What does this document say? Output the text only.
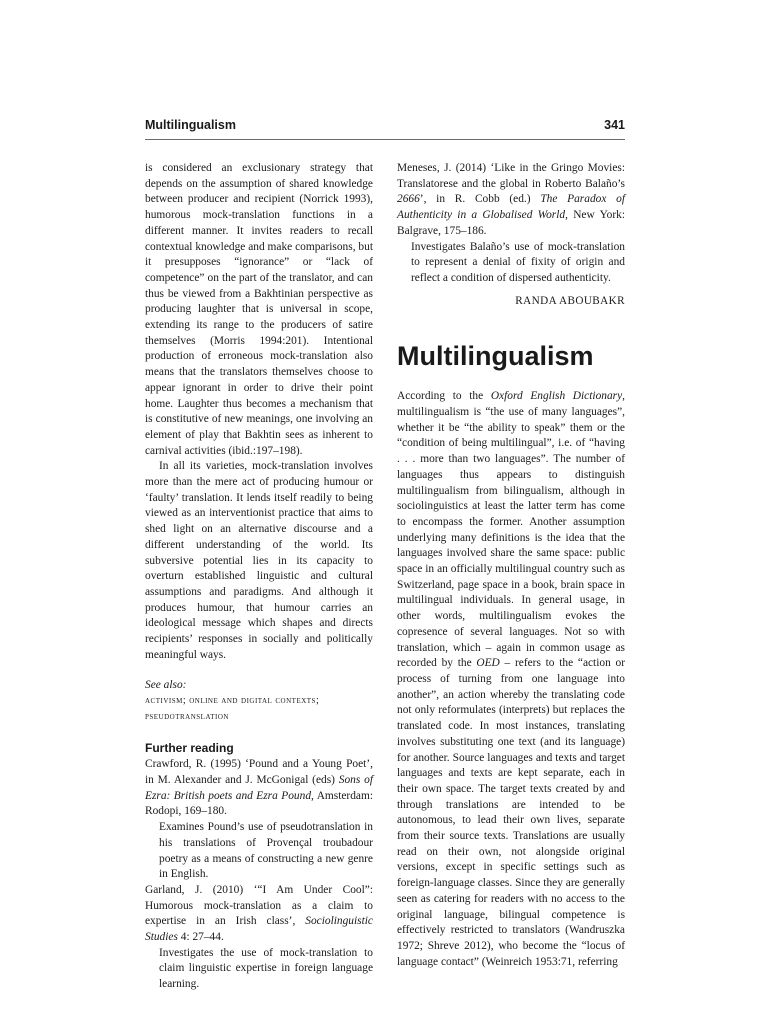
Multilingualism	341

is considered an exclusionary strategy that depends on the assumption of shared knowledge between producer and recipient (Norrick 1993), humorous mock-translation functions in a different manner. It invites readers to recall contextual knowledge and make comparisons, but it presupposes “ignorance” or “lack of competence” on the part of the translator, and can thus be viewed from a Bakhtinian perspective as producing laughter that is universal in scope, extending its range to the producers of satire themselves (Morris 1994:201). Intentional production of erroneous mock-translation also means that the translators themselves choose to appear ignorant in order to drive their point home. Laughter thus becomes a mechanism that is constitutive of new meanings, one involving an element of play that Bakhtin sees as inherent to carnival activities (ibid.:197–198).

In all its varieties, mock-translation involves more than the mere act of producing humour or ‘faulty’ translation. It lends itself readily to being viewed as an interventionist practice that aims to shed light on an alternative discourse and a different understanding of the world. Its subversive potential lies in its capacity to overturn established linguistic and cultural assumptions and paradigms. And although it produces humour, that humour carries an ideological message which shapes and directs recipients’ responses in socially and politically meaningful ways.

See also:

activism; online and digital contexts; pseudotranslation

Further reading

Crawford, R. (1995) ‘Pound and a Young Poet’, in M. Alexander and J. McGonigal (eds) Sons of Ezra: British poets and Ezra Pound, Amsterdam: Rodopi, 169–180.

Examines Pound’s use of pseudotranslation in his translations of Provençal troubadour poetry as a means of constructing a new genre in English.

Garland, J. (2010) ‘“I Am Under Cool”: Humorous mock-translation as a claim to expertise in an Irish class’, Sociolinguistic Studies 4: 27–44.

Investigates the use of mock-translation to claim linguistic expertise in foreign language learning.

Meneses, J. (2014) ‘Like in the Gringo Movies: Translatorese and the global in Roberto Balaño’s 2666’, in R. Cobb (ed.) The Paradox of Authenticity in a Globalised World, New York: Balgrave, 175–186.

Investigates Balaño’s use of mock-translation to represent a denial of fixity of origin and reflect a condition of dispersed authenticity.

RANDA ABOUBAKR

Multilingualism

According to the Oxford English Dictionary, multilingualism is “the use of many languages”, whether it be “the ability to speak” them or the “condition of being multilingual”, i.e. of “having . . . more than two languages”. The number of languages thus appears to distinguish multilingualism from bilingualism, although in sociolinguistics at least the latter term has come to encompass the former. Another assumption underlying many definitions is the idea that the languages involved share the same space: public space in an officially multilingual country such as Switzerland, page space in a book, brain space in multilingual individuals. In general usage, in other words, multilingualism evokes the copresence of several languages. Not so with translation, which – again in common usage as recorded by the OED – refers to the “action or process of turning from one language into another”, an action whereby the translating code not only reformulates (interprets) but replaces the translated code. In most instances, translating involves substituting one text (and its language) for another. Source languages and texts and target languages and texts are kept separate, each in their own space. The target texts created by and through translations are intended to be autonomous, to lead their own lives, separate from their source texts. Translations are usually read on their own, not alongside original versions, except in specific settings such as foreign-language classes. Since they are generally seen as catering for readers with no access to the original language, bilingual competence is effectively restricted to translators (Wandruszka 1972; Shreve 2012), who become the “locus of language contact” (Weinreich 1953:71, referring
